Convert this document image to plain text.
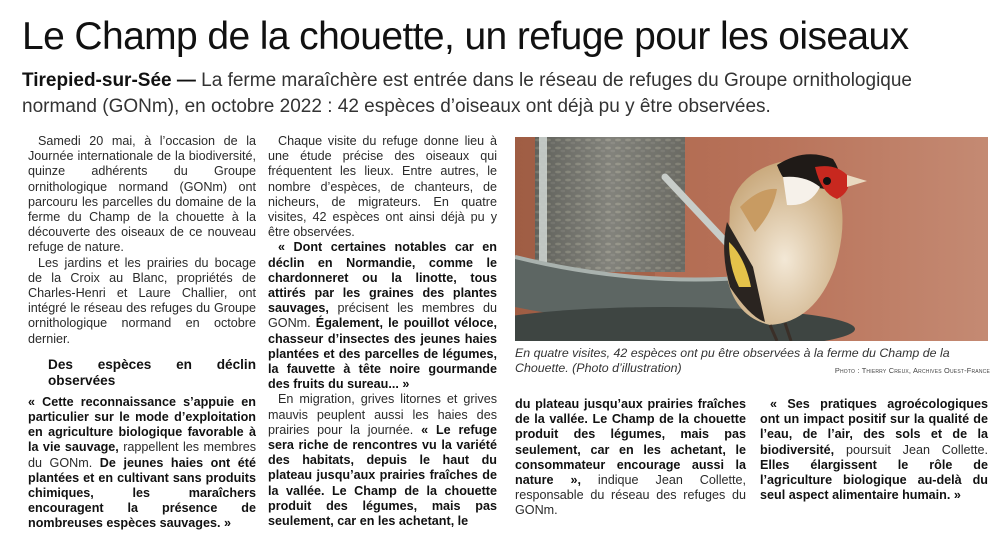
Le Champ de la chouette, un refuge pour les oiseaux
Tirepied-sur-Sée — La ferme maraîchère est entrée dans le réseau de refuges du Groupe ornithologique normand (GONm), en octobre 2022 : 42 espèces d’oiseaux ont déjà pu y être observées.

Samedi 20 mai, à l’occasion de la Journée internationale de la biodiversité, quinze adhérents du Groupe ornithologique normand (GONm) ont parcouru les parcelles du domaine de la ferme du Champ de la chouette à la découverte des oiseaux de ce nouveau refuge de nature.

Les jardins et les prairies du bocage de la Croix au Blanc, propriétés de Charles-Henri et Laure Challier, ont intégré le réseau des refuges du Groupe ornithologique normand en octobre dernier.

Des espèces en déclin observées

« Cette reconnaissance s’appuie en particulier sur le mode d’exploitation en agriculture biologique favorable à la vie sauvage, rappellent les membres du GONm. De jeunes haies ont été plantées et en cultivant sans produits chimiques, les maraîchers encouragent la présence de nombreuses espèces sauvages. »

Chaque visite du refuge donne lieu à une étude précise des oiseaux qui fréquentent les lieux. Entre autres, le nombre d’espèces, de chanteurs, de nicheurs, de migrateurs. En quatre visites, 42 espèces ont ainsi déjà pu y être observées.

« Dont certaines notables car en déclin en Normandie, comme le chardonneret ou la linotte, tous attirés par les graines des plantes sauvages, précisent les membres du GONm. Également, le pouillot véloce, chasseur d’insectes des jeunes haies plantées et des parcelles de légumes, la fauvette à tête noire gourmande des fruits du sureau... »

En migration, grives litornes et grives mauvis peuplent aussi les haies des prairies pour la journée. « Le refuge sera riche de rencontres vu la variété des habitats, depuis le haut du plateau jusqu’aux prairies fraîches de la vallée. Le Champ de la chouette produit des légumes, mais pas seulement, car en les achetant, le

« Ses pratiques agroécologiques ont un impact positif sur la qualité de l’eau, de l’air, des sols et de la biodiversité, poursuit Jean Collette. Elles élargissent le rôle de l’agriculture biologique au-delà du seul aspect alimentaire humain. »

En quatre visites, 42 espèces ont pu être observées à la ferme du Champ de la Chouette. (Photo d’illustration)	Photo : Thierry Creux, Archives Ouest-France

du plateau jusqu’aux prairies fraîches de la vallée. Le Champ de la chouette produit des légumes, mais pas seulement, car en les achetant, le consommateur encourage aussi la nature », indique Jean Collette, responsable du réseau des refuges du GONm.
